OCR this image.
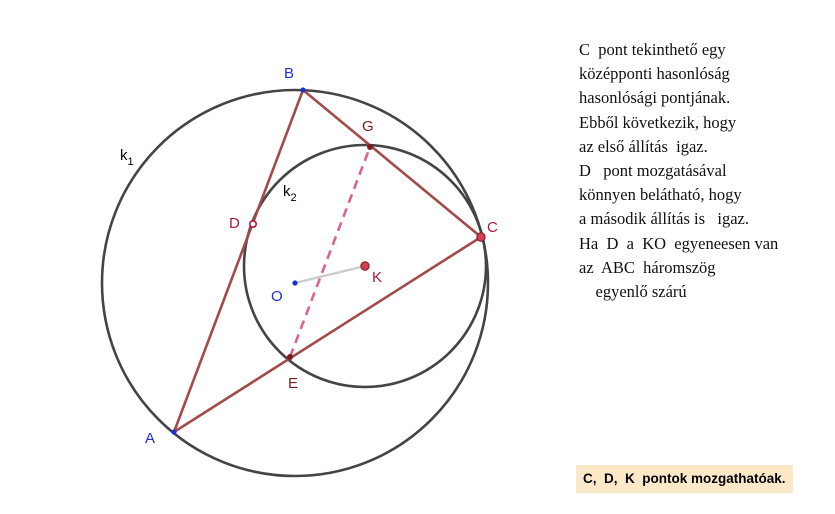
B
A
O
C
K
D
G
E
$k_1$
$k_2$
C  pont tekinthető egy
középponti hasonlóság
hasonlósági pontjának.
Ebből következik, hogy
az első állítás  igaz.
D   pont mozgatásával
könnyen belátható, hogy
a második állítás is   igaz.
Ha  D  a  KO  egyeneesen van
az  ABC  háromszög
egyenlő szárú
C,  D,  K  pontok mozgathatóak.
